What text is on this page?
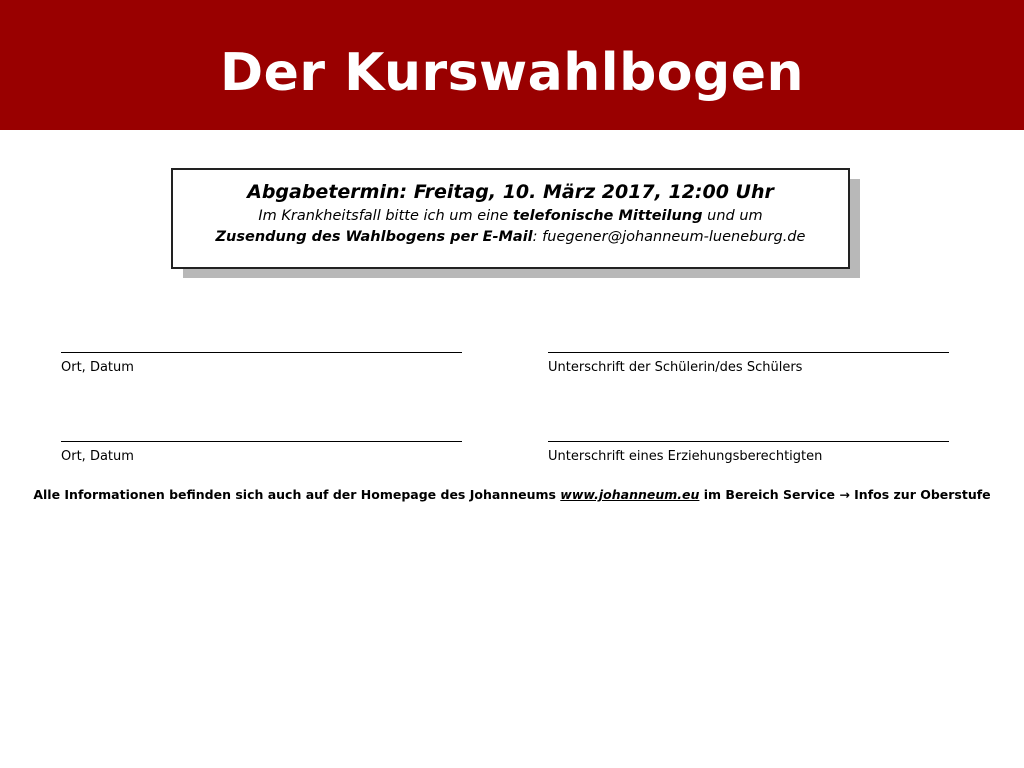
Der Kurswahlbogen
Abgabetermin: Freitag, 10. März 2017, 12:00 Uhr
Im Krankheitsfall bitte ich um eine telefonische Mitteilung und um
Zusendung des Wahlbogens per E-Mail: fuegener@johanneum-lueneburg.de
Ort, Datum	Unterschrift der Schülerin/des Schülers
Ort, Datum	Unterschrift eines Erziehungsberechtigten
Alle Informationen befinden sich auch auf der Homepage des Johanneums www.johanneum.eu im Bereich Service → Infos zur Oberstufe
